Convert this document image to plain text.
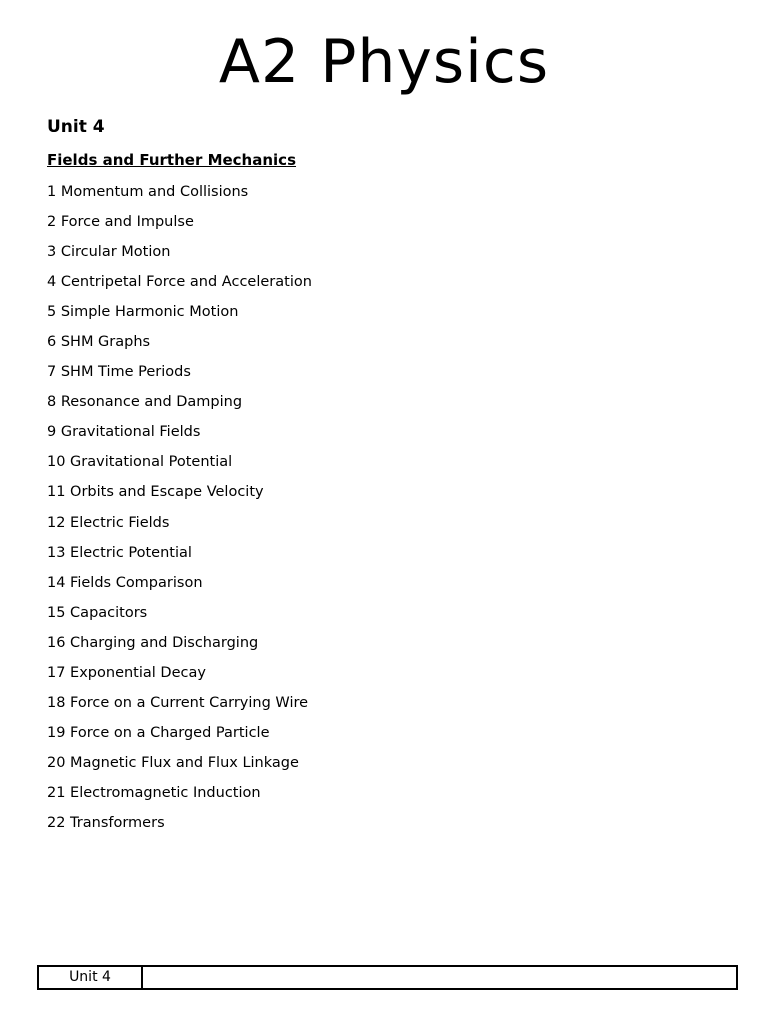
A2 Physics
Unit 4
Fields and Further Mechanics
1 Momentum and Collisions
2 Force and Impulse
3 Circular Motion
4 Centripetal Force and Acceleration
5 Simple Harmonic Motion
6 SHM Graphs
7 SHM Time Periods
8 Resonance and Damping
9 Gravitational Fields
10 Gravitational Potential
11 Orbits and Escape Velocity
12 Electric Fields
13 Electric Potential
14 Fields Comparison
15 Capacitors
16 Charging and Discharging
17 Exponential Decay
18 Force on a Current Carrying Wire
19 Force on a Charged Particle
20 Magnetic Flux and Flux Linkage
21 Electromagnetic Induction
22 Transformers
Unit 4
